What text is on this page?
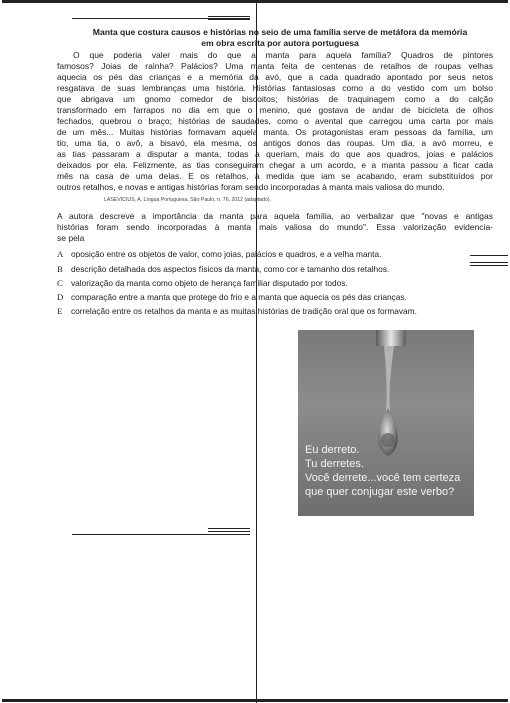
Manta que costura causos e histórias no seio de uma família serve de metáfora da memória
em obra escrita por autora portuguesa
O que poderia valer mais do que a manta para aquela família? Quadros de pintores
famosos? Joias de rainha? Palácios? Uma manta feita de centenas de retalhos de roupas velhas
aquecia os pés das crianças e a memória da avó, que a cada quadrado apontado por seus netos
resgatava de suas lembranças uma história. Histórias fantasiosas como a do vestido com um bolso
que abrigava um gnomo comedor de biscoitos; histórias de traquinagem como a do calção
transformado em farrapos no dia em que o menino, que gostava de andar de bicicleta de olhos
fechados, quebrou o braço; histórias de saudades, como o avental que carregou uma carta por mais
de um mês... Muitas histórias formavam aquela manta. Os protagonistas eram pessoas da família, um
tio, uma tia, o avô, a bisavó, ela mesma, os antigos donos das roupas. Um dia, a avó morreu, e
as tias passaram a disputar a manta, todas a queriam, mais do que aos quadros, joias e palácios
deixados por ela. Felizmente, as tias conseguiram chegar a um acordo, e a manta passou a ficar cada
mês na casa de uma delas. E os retalhos, à medida que iam se acabando, eram substituídos por
outros retalhos, e novas e antigas histórias foram sendo incorporadas à manta mais valiosa do mundo.
LASEVICIUS, A. Língua Portuguesa, São Paulo, n. 76, 2012 (adaptado).
A autora descreve a importância da manta para aquela família, ao verbalizar que "novas e antigas
histórias foram sendo incorporadas à manta mais valiosa do mundo". Essa valorização evidencia-
se pela
A oposição entre os objetos de valor, como joias, palácios e quadros, e a velha manta.
B descrição detalhada dos aspectos físicos da manta, como cor e tamanho dos retalhos.
C valorização da manta como objeto de herança familiar disputado por todos.
D comparação entre a manta que protege do frio e a manta que aquecia os pés das crianças.
E correlação entre os retalhos da manta e as muitas histórias de tradição oral que os formavam.
Eu derreto.
Tu derretes.
Você derrete...você tem certeza
que quer conjugar este verbo?
